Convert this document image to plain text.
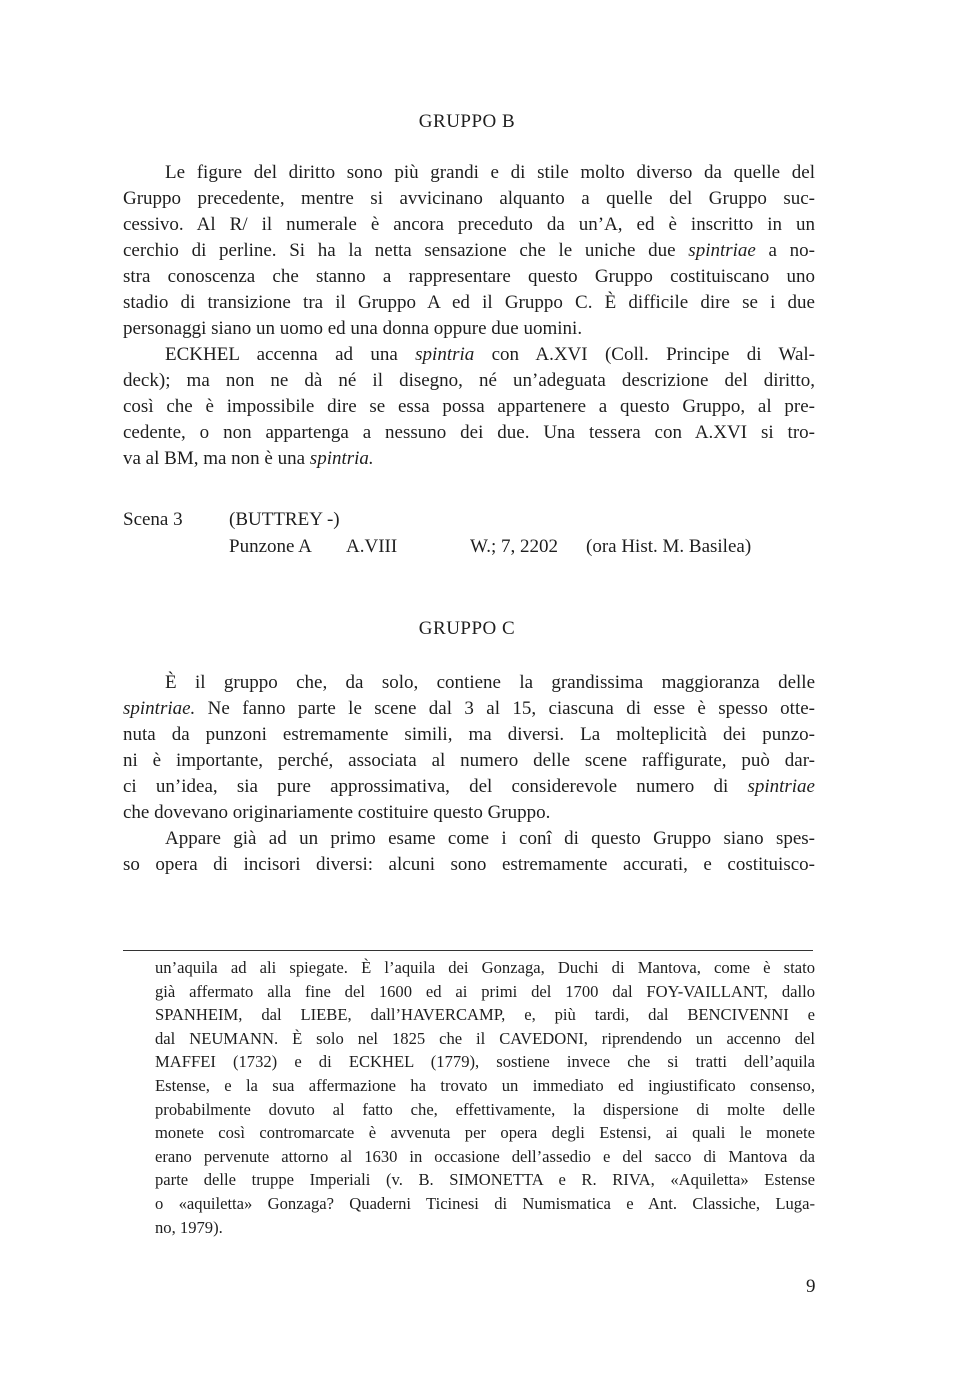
GRUPPO B
Le figure del diritto sono più grandi e di stile molto diverso da quelle del
Gruppo precedente, mentre si avvicinano alquanto a quelle del Gruppo suc-
cessivo. Al R/ il numerale è ancora preceduto da un’A, ed è inscritto in un
cerchio di perline. Si ha la netta sensazione che le uniche due spintriae a no-
stra conoscenza che stanno a rappresentare questo Gruppo costituiscano uno
stadio di transizione tra il Gruppo A ed il Gruppo C. È difficile dire se i due
personaggi siano un uomo ed una donna oppure due uomini.
ECKHEL accenna ad una spintria con A.XVI (Coll. Principe di Wal-
deck); ma non ne dà né il disegno, né un’adeguata descrizione del diritto,
così che è impossibile dire se essa possa appartenere a questo Gruppo, al pre-
cedente, o non appartenga a nessuno dei due. Una tessera con A.XVI si tro-
va al BM, ma non è una spintria.
Scena 3 (BUTTREY -)
Punzone A A.VIII	W.; 7, 2202 (ora Hist. M. Basilea)
GRUPPO C
È il gruppo che, da solo, contiene la grandissima maggioranza delle
spintriae. Ne fanno parte le scene dal 3 al 15, ciascuna di esse è spesso otte-
nuta da punzoni estremamente simili, ma diversi. La molteplicità dei punzo-
ni è importante, perché, associata al numero delle scene raffigurate, può dar-
ci un’idea, sia pure approssimativa, del considerevole numero di spintriae
che dovevano originariamente costituire questo Gruppo.
Appare già ad un primo esame come i conî di questo Gruppo siano spes-
so opera di incisori diversi: alcuni sono estremamente accurati, e costituisco-
un’aquila ad ali spiegate. È l’aquila dei Gonzaga, Duchi di Mantova, come è stato
già affermato alla fine del 1600 ed ai primi del 1700 dal FOY-VAILLANT, dallo
SPANHEIM, dal LIEBE, dall’HAVERCAMP, e, più tardi, dal BENCIVENNI e
dal NEUMANN. È solo nel 1825 che il CAVEDONI, riprendendo un accenno del
MAFFEI (1732) e di ECKHEL (1779), sostiene invece che si tratti dell’aquila
Estense, e la sua affermazione ha trovato un immediato ed ingiustificato consenso,
probabilmente dovuto al fatto che, effettivamente, la dispersione di molte delle
monete così contromarcate è avvenuta per opera degli Estensi, ai quali le monete
erano pervenute attorno al 1630 in occasione dell’assedio e del sacco di Mantova da
parte delle truppe Imperiali (v. B. SIMONETTA e R. RIVA, «Aquiletta» Estense
o «aquiletta» Gonzaga? Quaderni Ticinesi di Numismatica e Ant. Classiche, Luga-
no, 1979).
9
